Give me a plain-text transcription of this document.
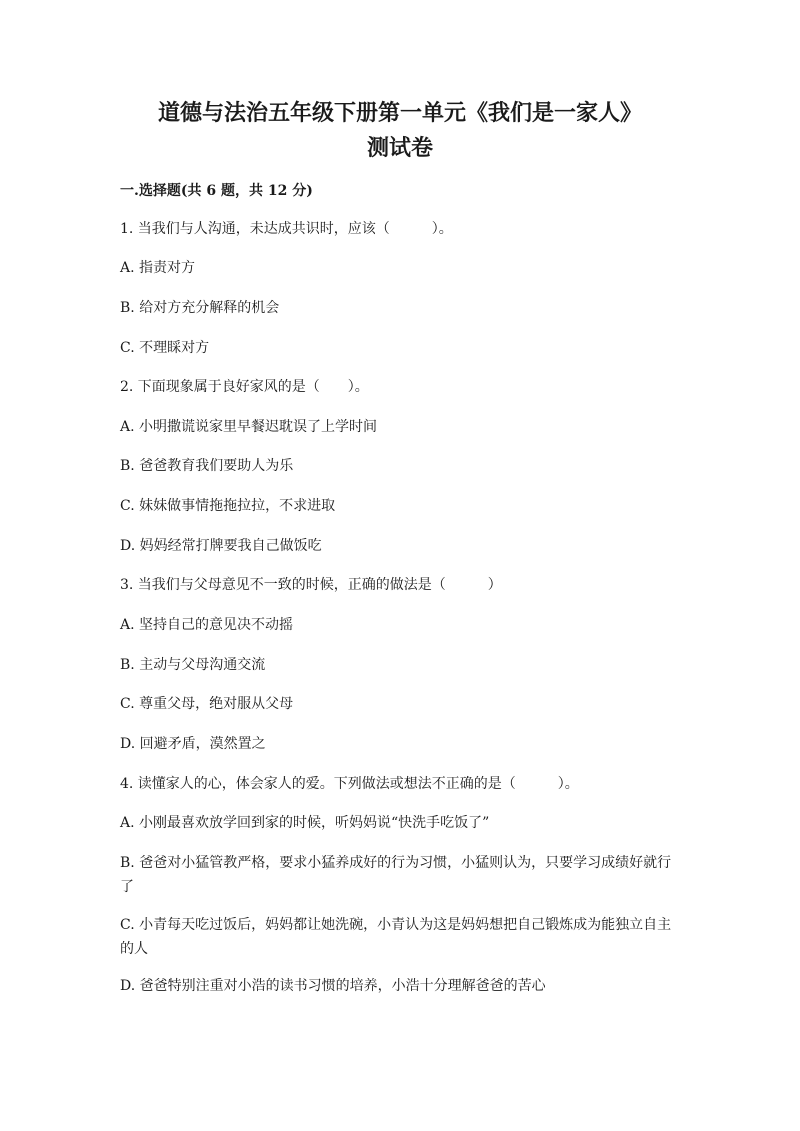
道德与法治五年级下册第一单元《我们是一家人》
测试卷
一.选择题(共 6 题，共 12 分)
1. 当我们与人沟通，未达成共识时，应该（　　　）。
A. 指责对方
B. 给对方充分解释的机会
C. 不理睬对方
2. 下面现象属于良好家风的是（　　）。
A. 小明撒谎说家里早餐迟耽误了上学时间
B. 爸爸教育我们要助人为乐
C. 妹妹做事情拖拖拉拉，不求进取
D. 妈妈经常打牌要我自己做饭吃
3. 当我们与父母意见不一致的时候，正确的做法是（　　　）
A. 坚持自己的意见决不动摇
B. 主动与父母沟通交流
C. 尊重父母，绝对服从父母
D. 回避矛盾，漠然置之
4. 读懂家人的心，体会家人的爱。下列做法或想法不正确的是（　　　）。
A. 小刚最喜欢放学回到家的时候，听妈妈说“快洗手吃饭了”
B. 爸爸对小猛管教严格，要求小猛养成好的行为习惯，小猛则认为，只要学习成绩好就行了
C. 小青每天吃过饭后，妈妈都让她洗碗，小青认为这是妈妈想把自己锻炼成为能独立自主的人
D. 爸爸特别注重对小浩的读书习惯的培养，小浩十分理解爸爸的苦心
